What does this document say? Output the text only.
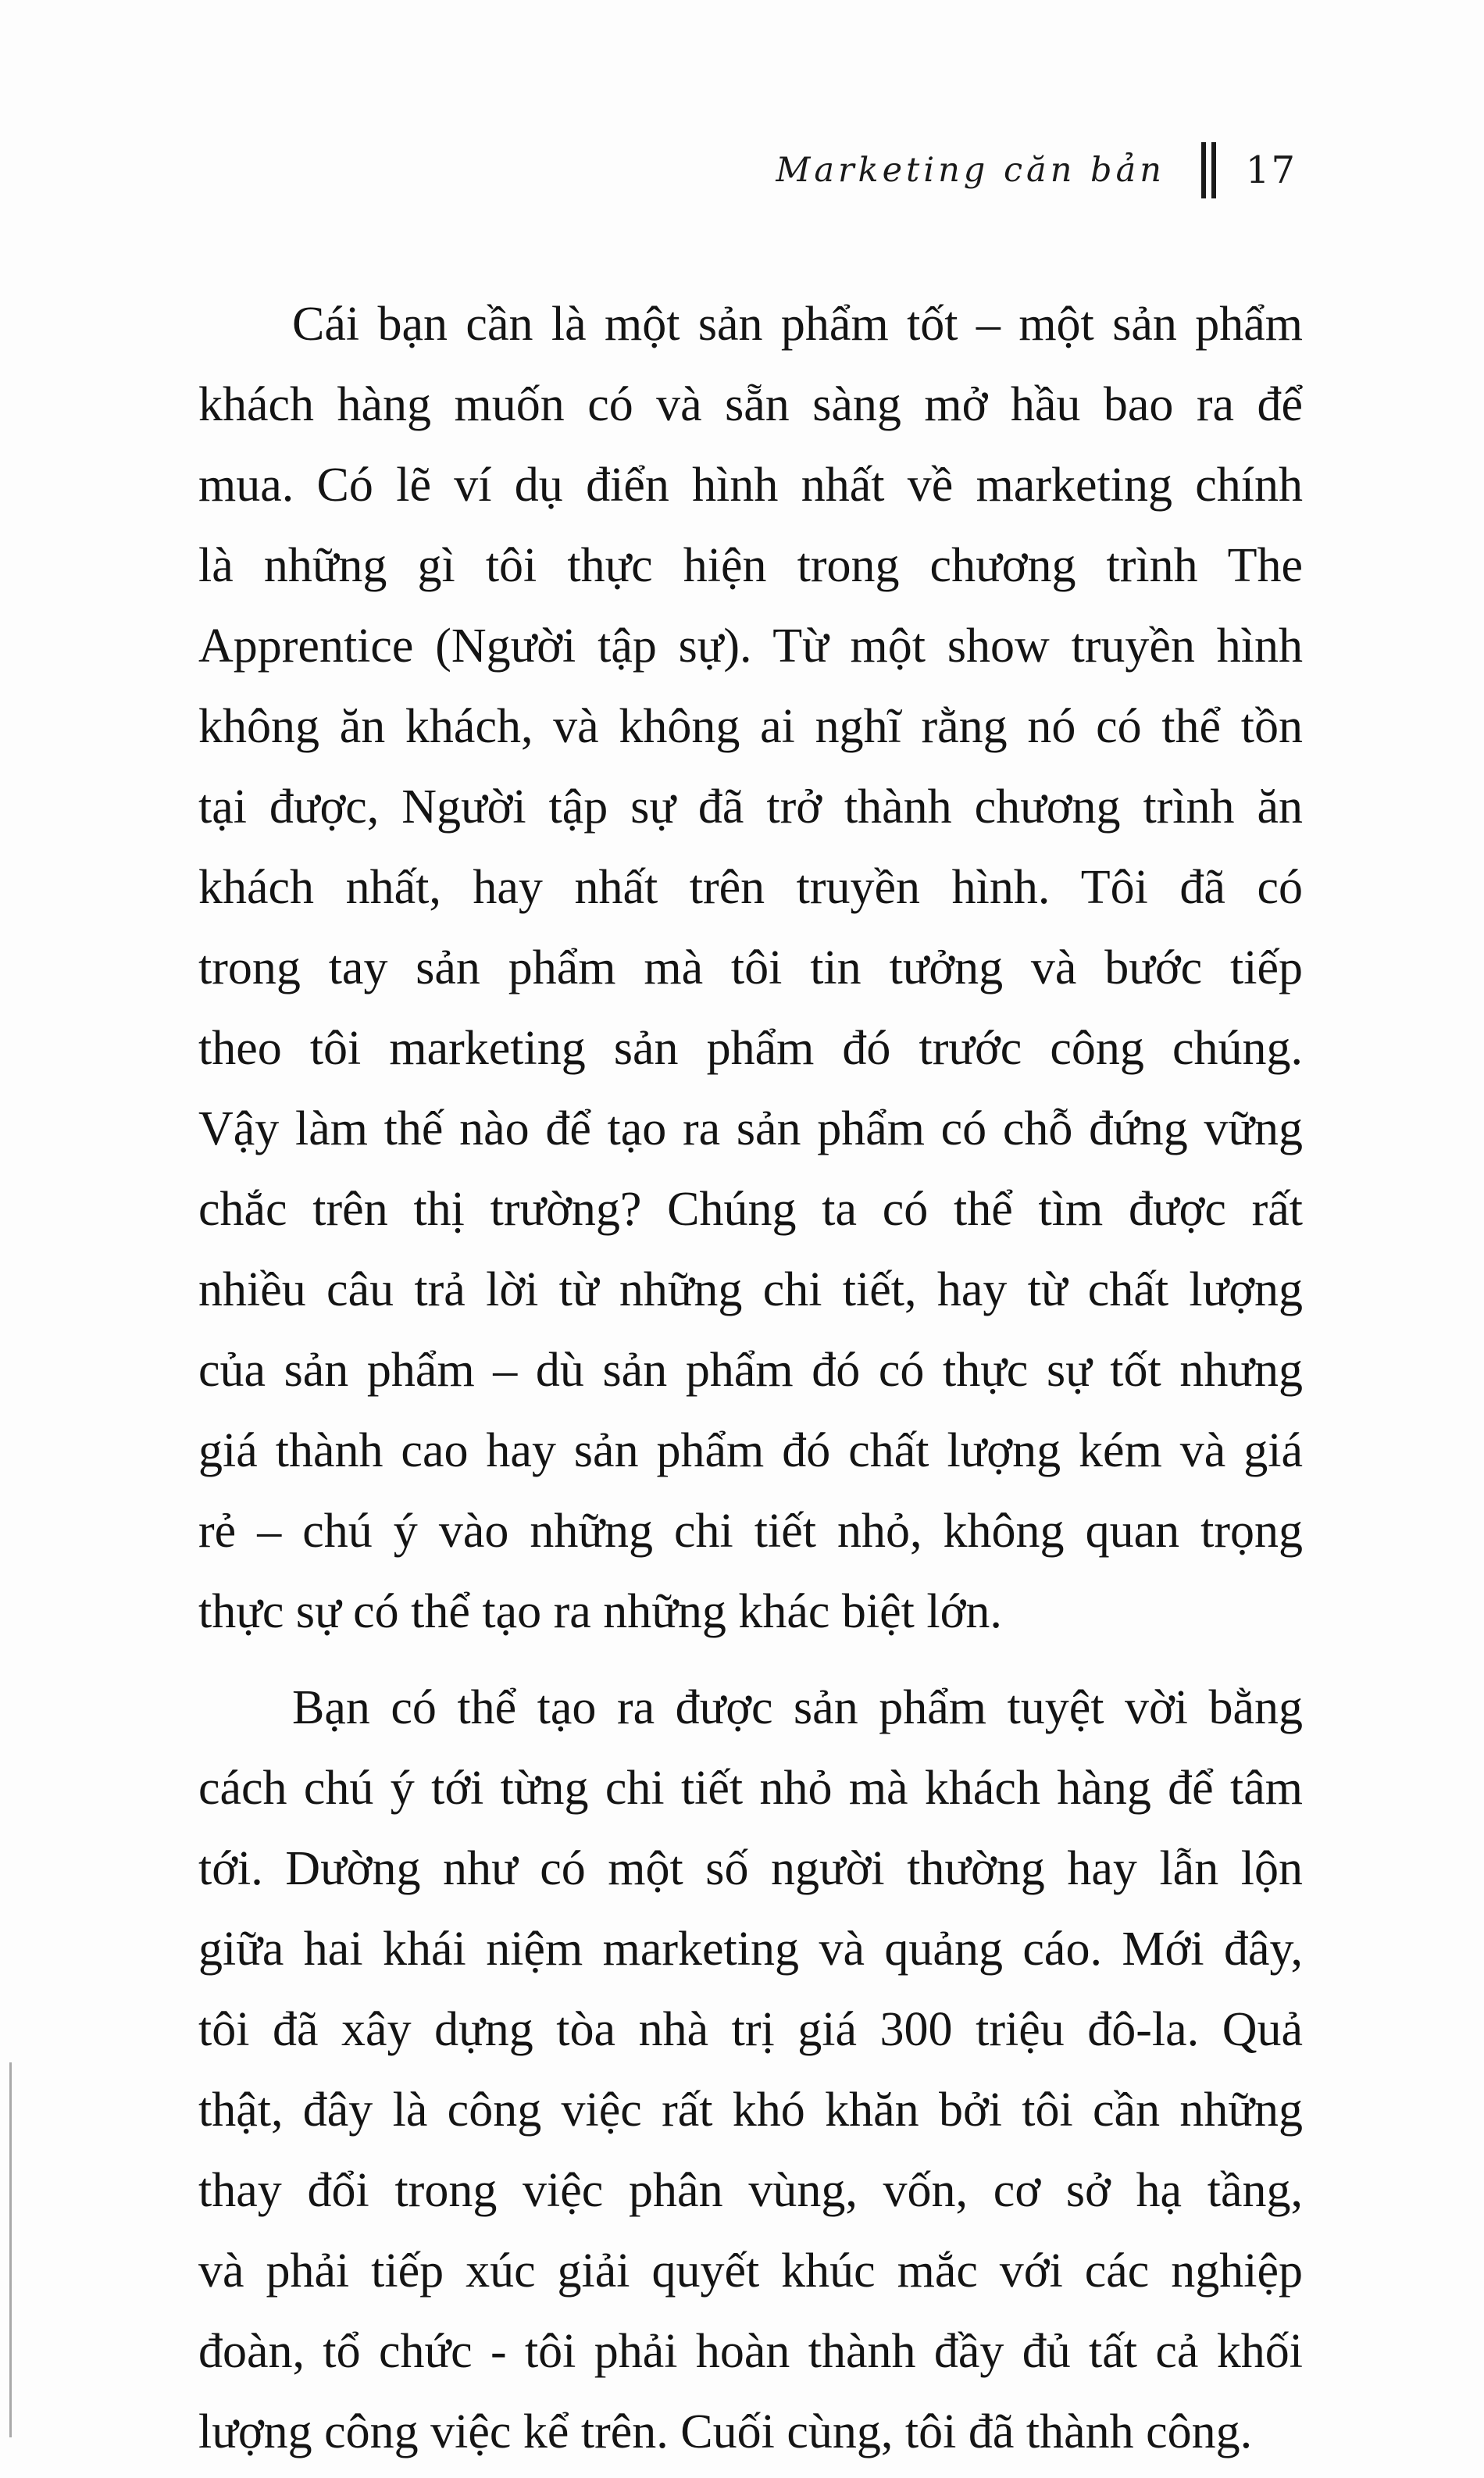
Marketing căn bản 17
Cái bạn cần là một sản phẩm tốt – một sản phẩm
khách hàng muốn có và sẵn sàng mở hầu bao ra để
mua. Có lẽ ví dụ điển hình nhất về marketing chính
là những gì tôi thực hiện trong chương trình The
Apprentice (Người tập sự). Từ một show truyền hình
không ăn khách, và không ai nghĩ rằng nó có thể tồn
tại được, Người tập sự đã trở thành chương trình ăn
khách nhất, hay nhất trên truyền hình. Tôi đã có
trong tay sản phẩm mà tôi tin tưởng và bước tiếp
theo tôi marketing sản phẩm đó trước công chúng.
Vậy làm thế nào để tạo ra sản phẩm có chỗ đứng vững
chắc trên thị trường? Chúng ta có thể tìm được rất
nhiều câu trả lời từ những chi tiết, hay từ chất lượng
của sản phẩm – dù sản phẩm đó có thực sự tốt nhưng
giá thành cao hay sản phẩm đó chất lượng kém và giá
rẻ – chú ý vào những chi tiết nhỏ, không quan trọng
thực sự có thể tạo ra những khác biệt lớn.
Bạn có thể tạo ra được sản phẩm tuyệt vời bằng
cách chú ý tới từng chi tiết nhỏ mà khách hàng để tâm
tới. Dường như có một số người thường hay lẫn lộn
giữa hai khái niệm marketing và quảng cáo. Mới đây,
tôi đã xây dựng tòa nhà trị giá 300 triệu đô-la. Quả
thật, đây là công việc rất khó khăn bởi tôi cần những
thay đổi trong việc phân vùng, vốn, cơ sở hạ tầng,
và phải tiếp xúc giải quyết khúc mắc với các nghiệp
đoàn, tổ chức - tôi phải hoàn thành đầy đủ tất cả khối
lượng công việc kể trên. Cuối cùng, tôi đã thành công.
